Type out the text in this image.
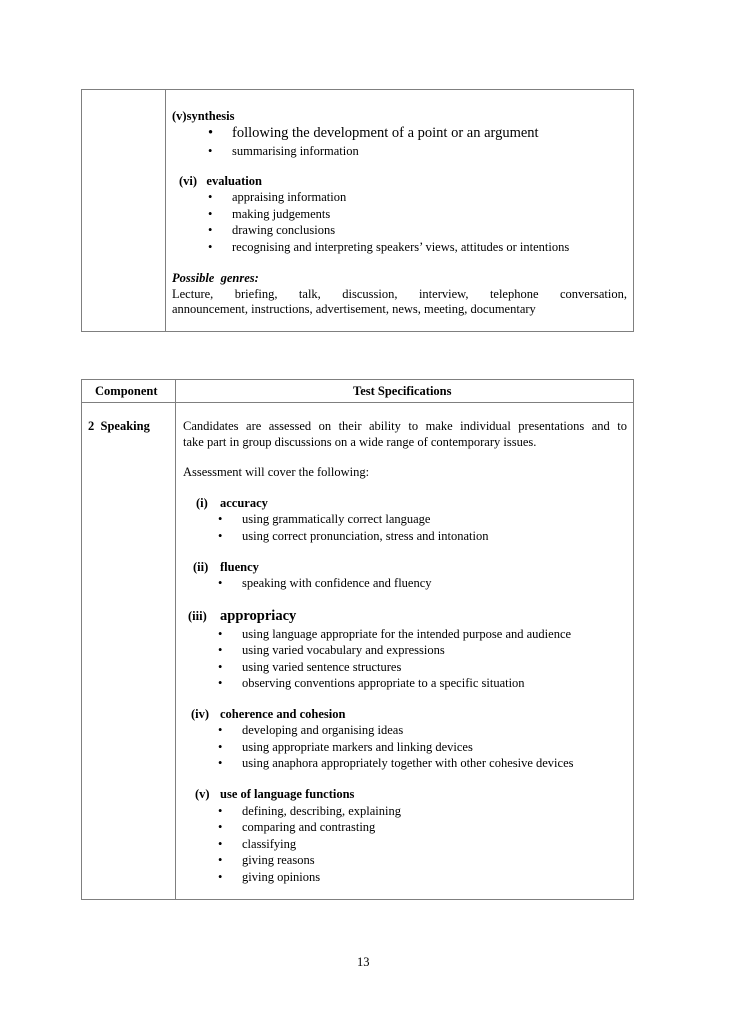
(v)synthesis
• following the development of a point or an argument
• summarising information
(vi)   evaluation
• appraising information
• making judgements
• drawing conclusions
• recognising and interpreting speakers’ views, attitudes or intentions
Possible  genres:
Lecture, briefing, talk, discussion, interview, telephone conversation,
announcement, instructions, advertisement, news, meeting, documentary
Component	Test Specifications
2  Speaking	Candidates are assessed on their ability to make individual presentations and to
take part in group discussions on a wide range of contemporary issues.
Assessment will cover the following:
(i) accuracy
• using grammatically correct language
• using correct pronunciation, stress and intonation
(ii) fluency
• speaking with confidence and fluency
(iii) appropriacy
• using language appropriate for the intended purpose and audience
• using varied vocabulary and expressions
• using varied sentence structures
• observing conventions appropriate to a specific situation
(iv) coherence and cohesion
• developing and organising ideas
• using appropriate markers and linking devices
• using anaphora appropriately together with other cohesive devices
(v) use of language functions
• defining, describing, explaining
• comparing and contrasting
• classifying
• giving reasons
• giving opinions
13
